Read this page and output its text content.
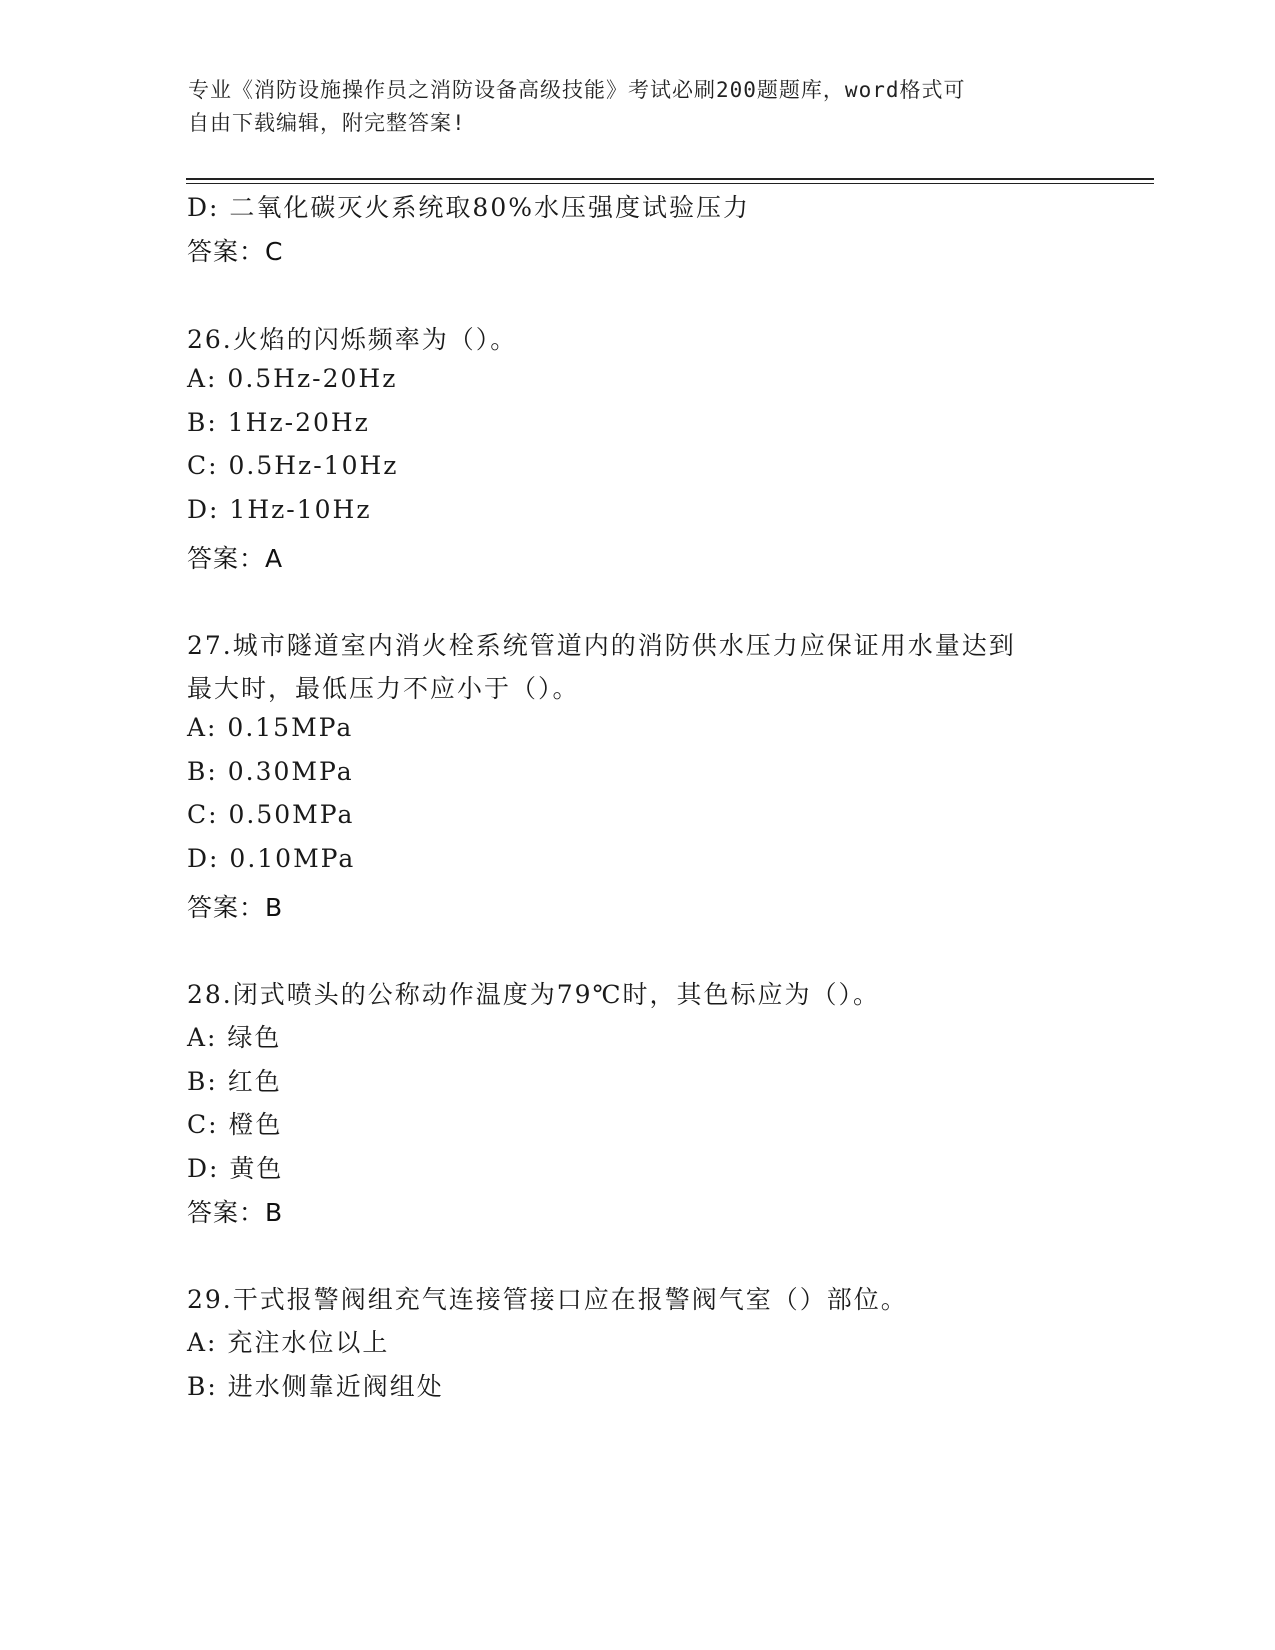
专业《消防设施操作员之消防设备高级技能》考试必刷200题题库，word格式可
自由下载编辑，附完整答案!
D: 二氧化碳灭火系统取80%水压强度试验压力
答案：C
26.火焰的闪烁频率为（）。
A: 0.5Hz-20Hz
B: 1Hz-20Hz
C: 0.5Hz-10Hz
D: 1Hz-10Hz
答案：A
27.城市隧道室内消火栓系统管道内的消防供水压力应保证用水量达到
最大时，最低压力不应小于（）。
A: 0.15MPa
B: 0.30MPa
C: 0.50MPa
D: 0.10MPa
答案：B
28.闭式喷头的公称动作温度为79℃时，其色标应为（）。
A: 绿色
B: 红色
C: 橙色
D: 黄色
答案：B
29.干式报警阀组充气连接管接口应在报警阀气室（）部位。
A: 充注水位以上
B: 进水侧靠近阀组处
